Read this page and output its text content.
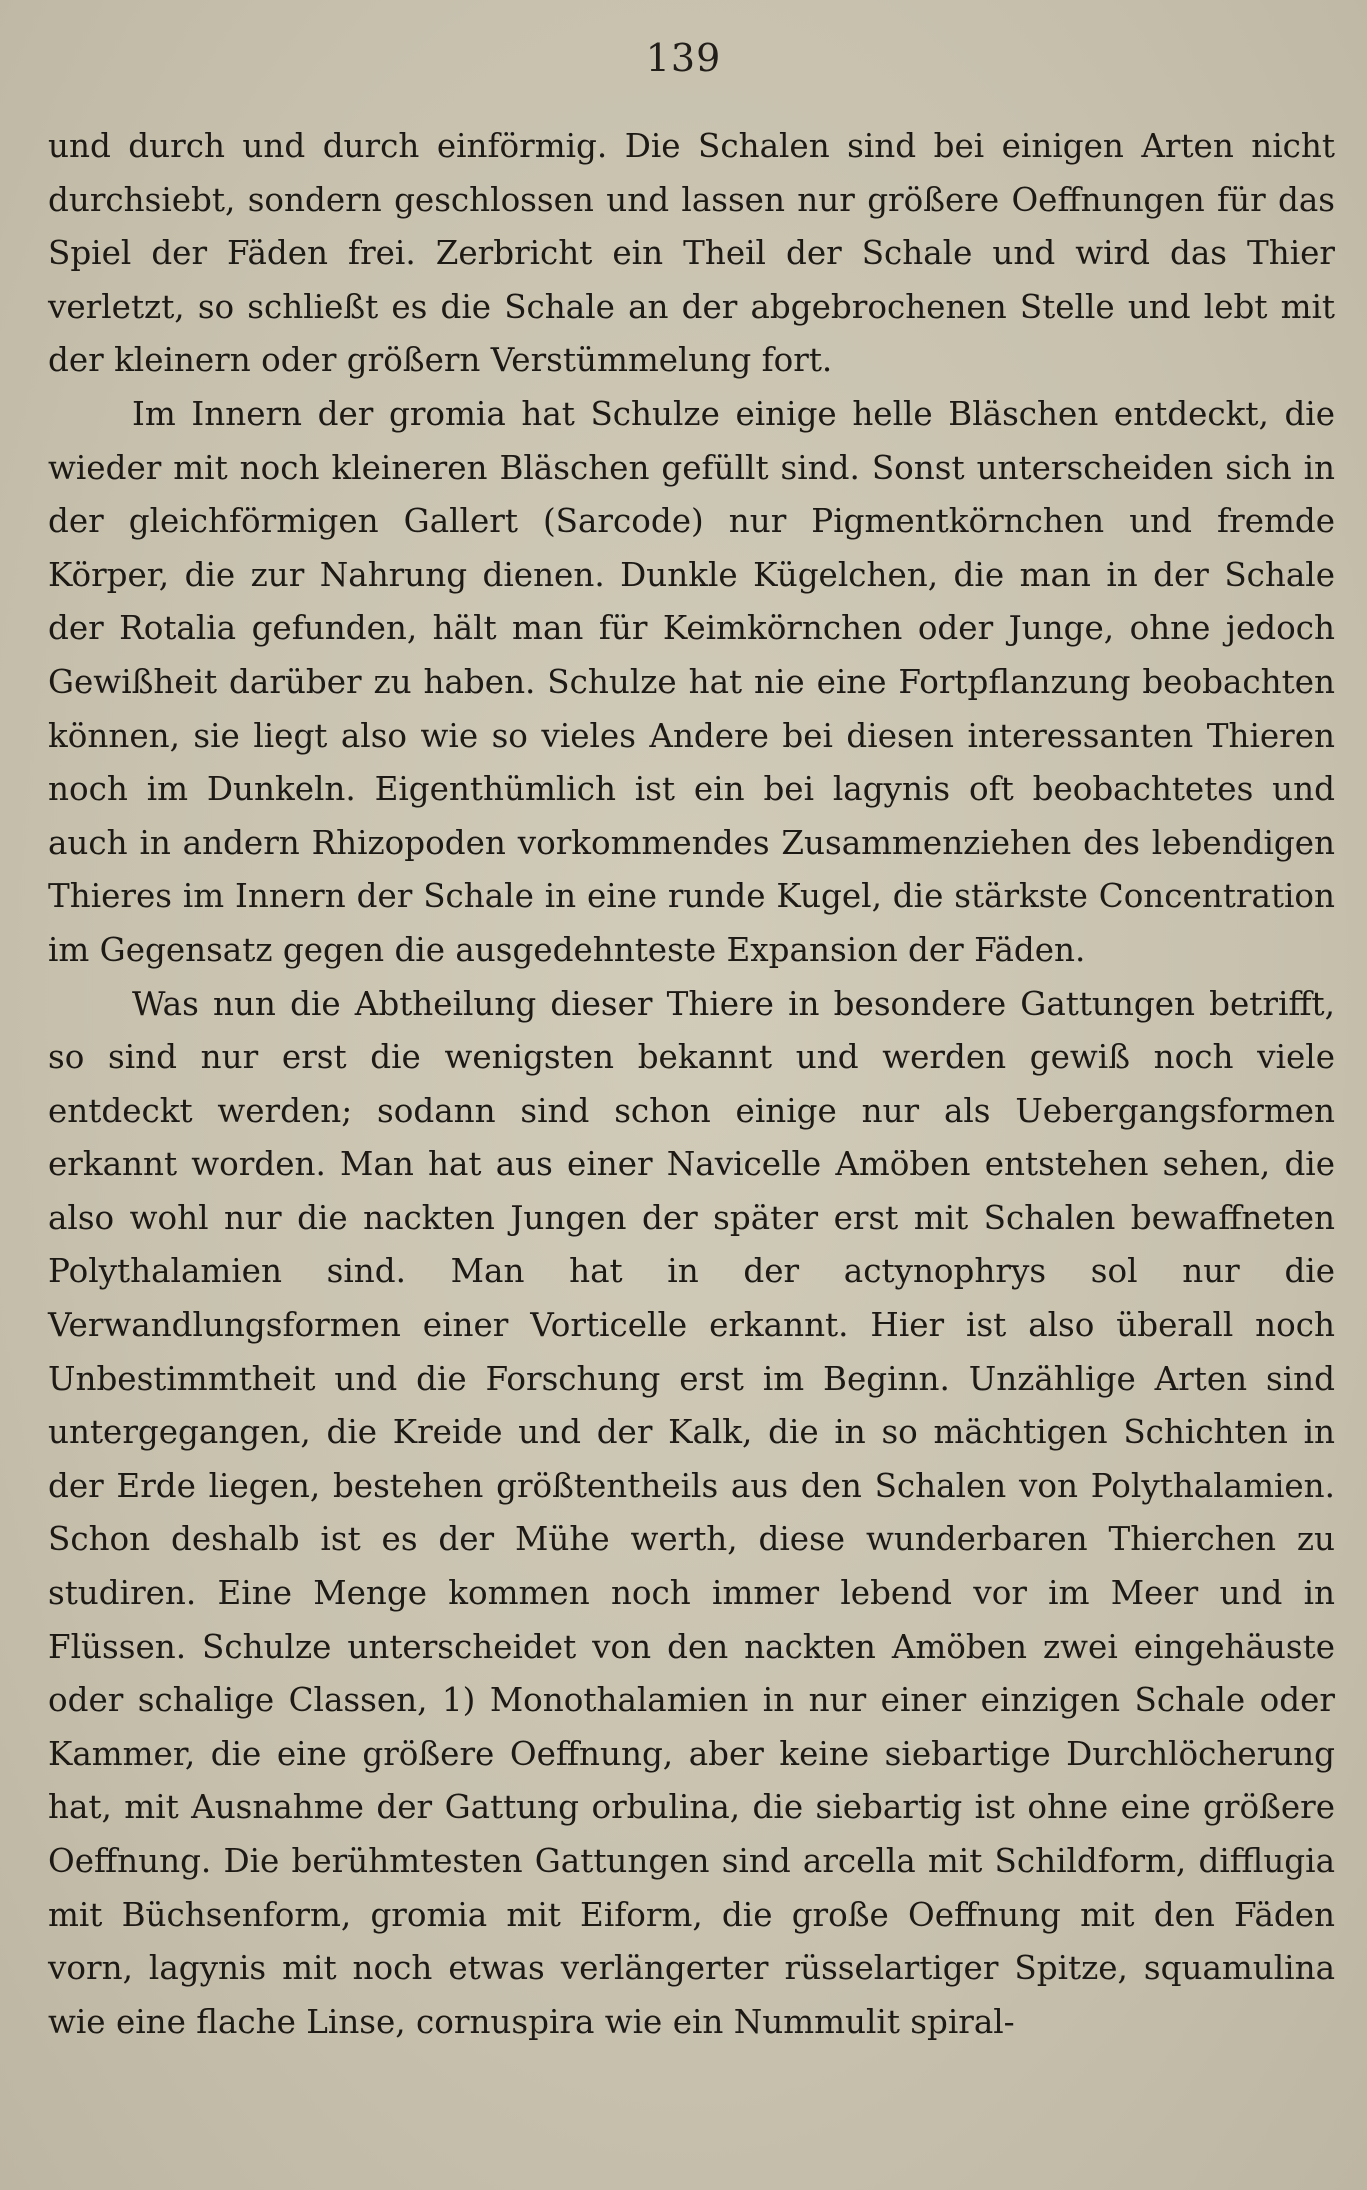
139

und durch und durch einförmig. Die Schalen sind bei einigen Arten nicht durchsiebt, sondern geschlossen und lassen nur größere Oeffnungen für das Spiel der Fäden frei. Zerbricht ein Theil der Schale und wird das Thier verletzt, so schließt es die Schale an der abgebrochenen Stelle und lebt mit der kleinern oder größern Verstümmelung fort.

Im Innern der gromia hat Schulze einige helle Bläschen entdeckt, die wieder mit noch kleineren Bläschen gefüllt sind. Sonst unterscheiden sich in der gleichförmigen Gallert (Sarcode) nur Pigmentkörnchen und fremde Körper, die zur Nahrung dienen. Dunkle Kügelchen, die man in der Schale der Rotalia gefunden, hält man für Keimkörnchen oder Junge, ohne jedoch Gewißheit darüber zu haben. Schulze hat nie eine Fortpflanzung beobachten können, sie liegt also wie so vieles Andere bei diesen interessanten Thieren noch im Dunkeln. Eigenthümlich ist ein bei lagynis oft beobachtetes und auch in andern Rhizopoden vorkommendes Zusammenziehen des lebendigen Thieres im Innern der Schale in eine runde Kugel, die stärkste Concentration im Gegensatz gegen die ausgedehnteste Expansion der Fäden.

Was nun die Abtheilung dieser Thiere in besondere Gattungen betrifft, so sind nur erst die wenigsten bekannt und werden gewiß noch viele entdeckt werden; sodann sind schon einige nur als Uebergangsformen erkannt worden. Man hat aus einer Navicelle Amöben entstehen sehen, die also wohl nur die nackten Jungen der später erst mit Schalen bewaffneten Polythalamien sind. Man hat in der actynophrys sol nur die Verwandlungsformen einer Vorticelle erkannt. Hier ist also überall noch Unbestimmtheit und die Forschung erst im Beginn. Unzählige Arten sind untergegangen, die Kreide und der Kalk, die in so mächtigen Schichten in der Erde liegen, bestehen größtentheils aus den Schalen von Polythalamien. Schon deshalb ist es der Mühe werth, diese wunderbaren Thierchen zu studiren. Eine Menge kommen noch immer lebend vor im Meer und in Flüssen. Schulze unterscheidet von den nackten Amöben zwei eingehäuste oder schalige Classen, 1) Monothalamien in nur einer einzigen Schale oder Kammer, die eine größere Oeffnung, aber keine siebartige Durchlöcherung hat, mit Ausnahme der Gattung orbulina, die siebartig ist ohne eine größere Oeffnung. Die berühmtesten Gattungen sind arcella mit Schildform, difflugia mit Büchsenform, gromia mit Eiform, die große Oeffnung mit den Fäden vorn, lagynis mit noch etwas verlängerter rüsselartiger Spitze, squamulina wie eine flache Linse, cornuspira wie ein Nummulit spiral-
